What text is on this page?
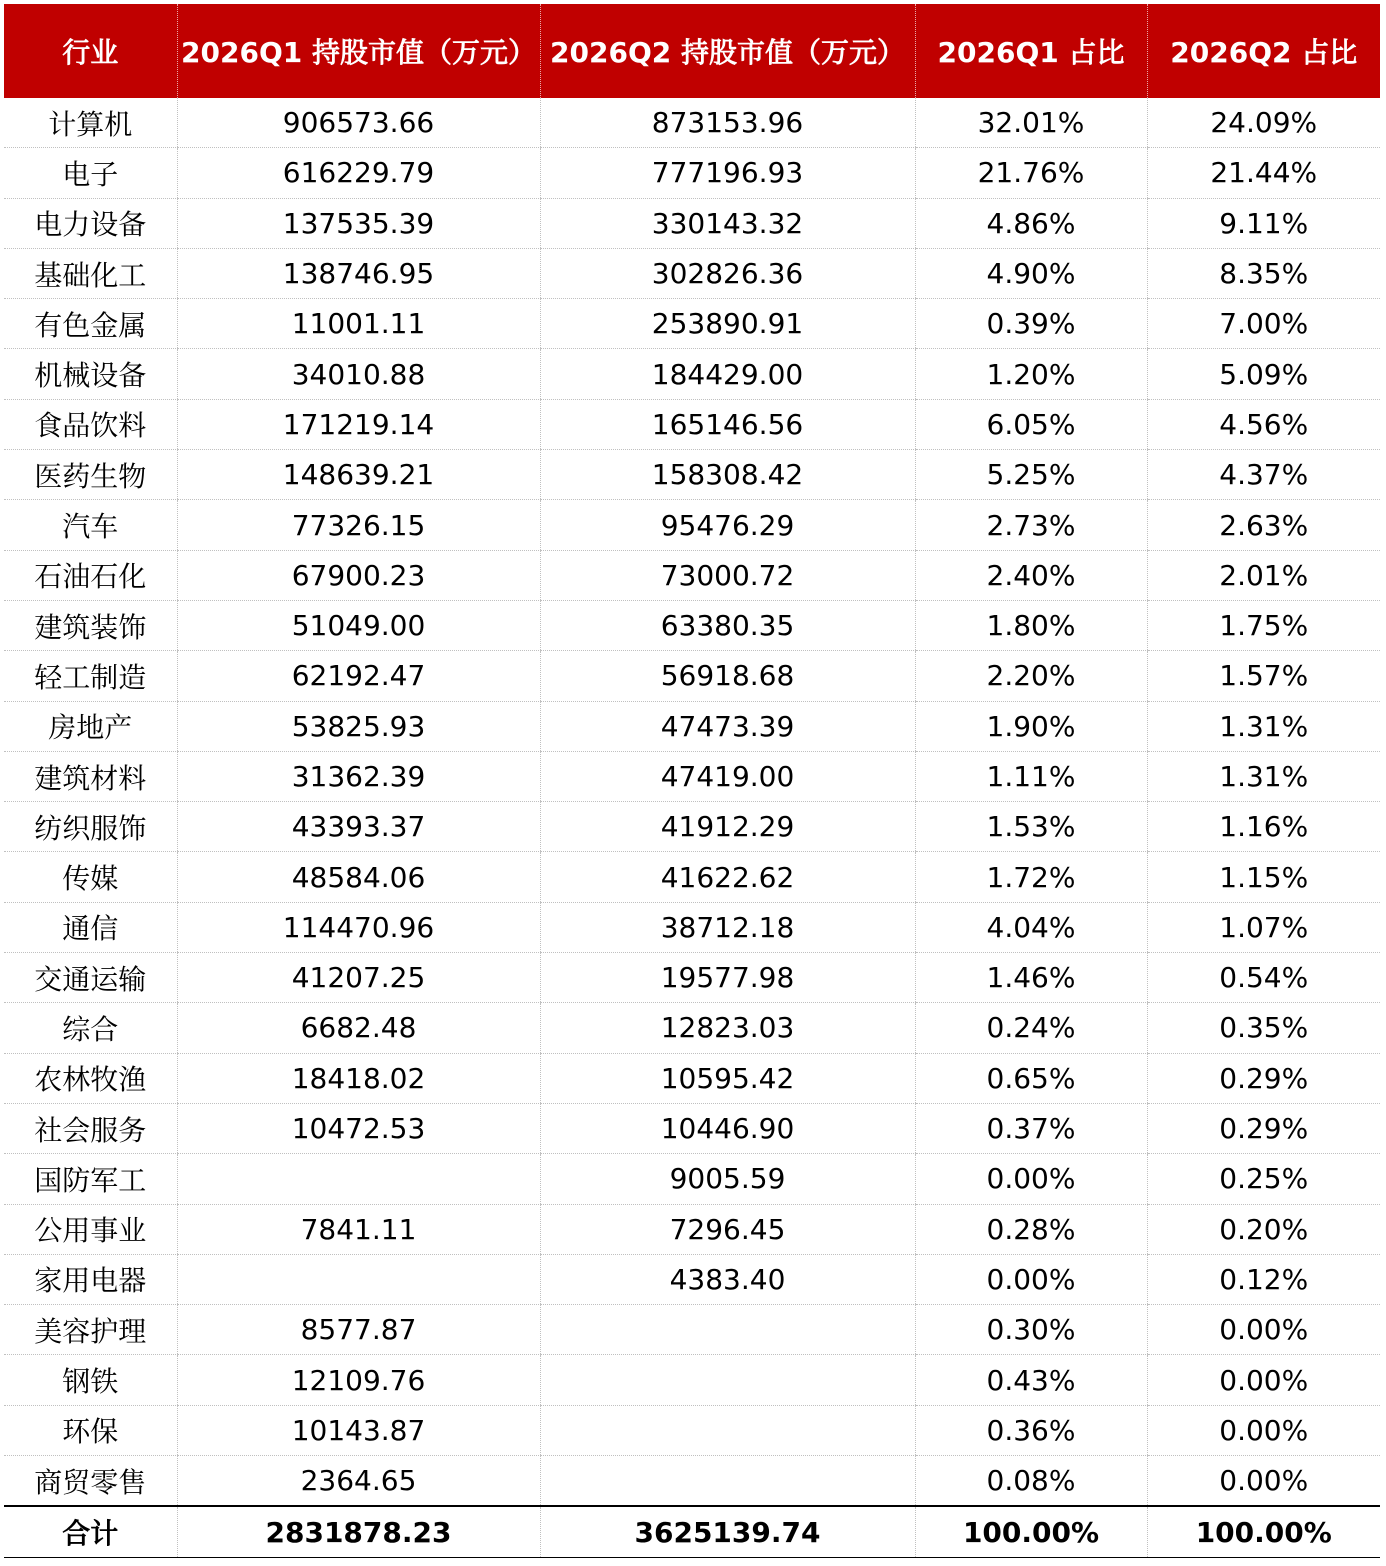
行业	2026Q1 持股市值（万元）	2026Q2 持股市值（万元）	2026Q1 占比	2026Q2 占比
计算机	906573.66	873153.96	32.01%	24.09%
电子	616229.79	777196.93	21.76%	21.44%
电力设备	137535.39	330143.32	4.86%	9.11%
基础化工	138746.95	302826.36	4.90%	8.35%
有色金属	11001.11	253890.91	0.39%	7.00%
机械设备	34010.88	184429.00	1.20%	5.09%
食品饮料	171219.14	165146.56	6.05%	4.56%
医药生物	148639.21	158308.42	5.25%	4.37%
汽车	77326.15	95476.29	2.73%	2.63%
石油石化	67900.23	73000.72	2.40%	2.01%
建筑装饰	51049.00	63380.35	1.80%	1.75%
轻工制造	62192.47	56918.68	2.20%	1.57%
房地产	53825.93	47473.39	1.90%	1.31%
建筑材料	31362.39	47419.00	1.11%	1.31%
纺织服饰	43393.37	41912.29	1.53%	1.16%
传媒	48584.06	41622.62	1.72%	1.15%
通信	114470.96	38712.18	4.04%	1.07%
交通运输	41207.25	19577.98	1.46%	0.54%
综合	6682.48	12823.03	0.24%	0.35%
农林牧渔	18418.02	10595.42	0.65%	0.29%
社会服务	10472.53	10446.90	0.37%	0.29%
国防军工		9005.59	0.00%	0.25%
公用事业	7841.11	7296.45	0.28%	0.20%
家用电器		4383.40	0.00%	0.12%
美容护理	8577.87		0.30%	0.00%
钢铁	12109.76		0.43%	0.00%
环保	10143.87		0.36%	0.00%
商贸零售	2364.65		0.08%	0.00%
合计	2831878.23	3625139.74	100.00%	100.00%
